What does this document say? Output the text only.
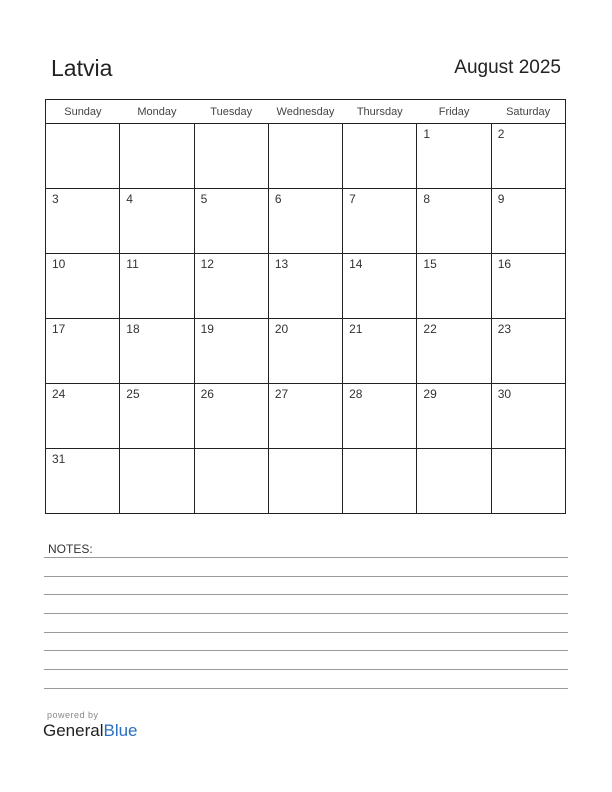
Latvia	August 2025
Sunday	Monday	Tuesday	Wednesday	Thursday	Friday	Saturday

					1	2

3	4	5	6	7	8	9

10	11	12	13	14	15	16

17	18	19	20	21	22	23

24	25	26	27	28	29	30

31						

NOTES:
powered by
GeneralBlue
